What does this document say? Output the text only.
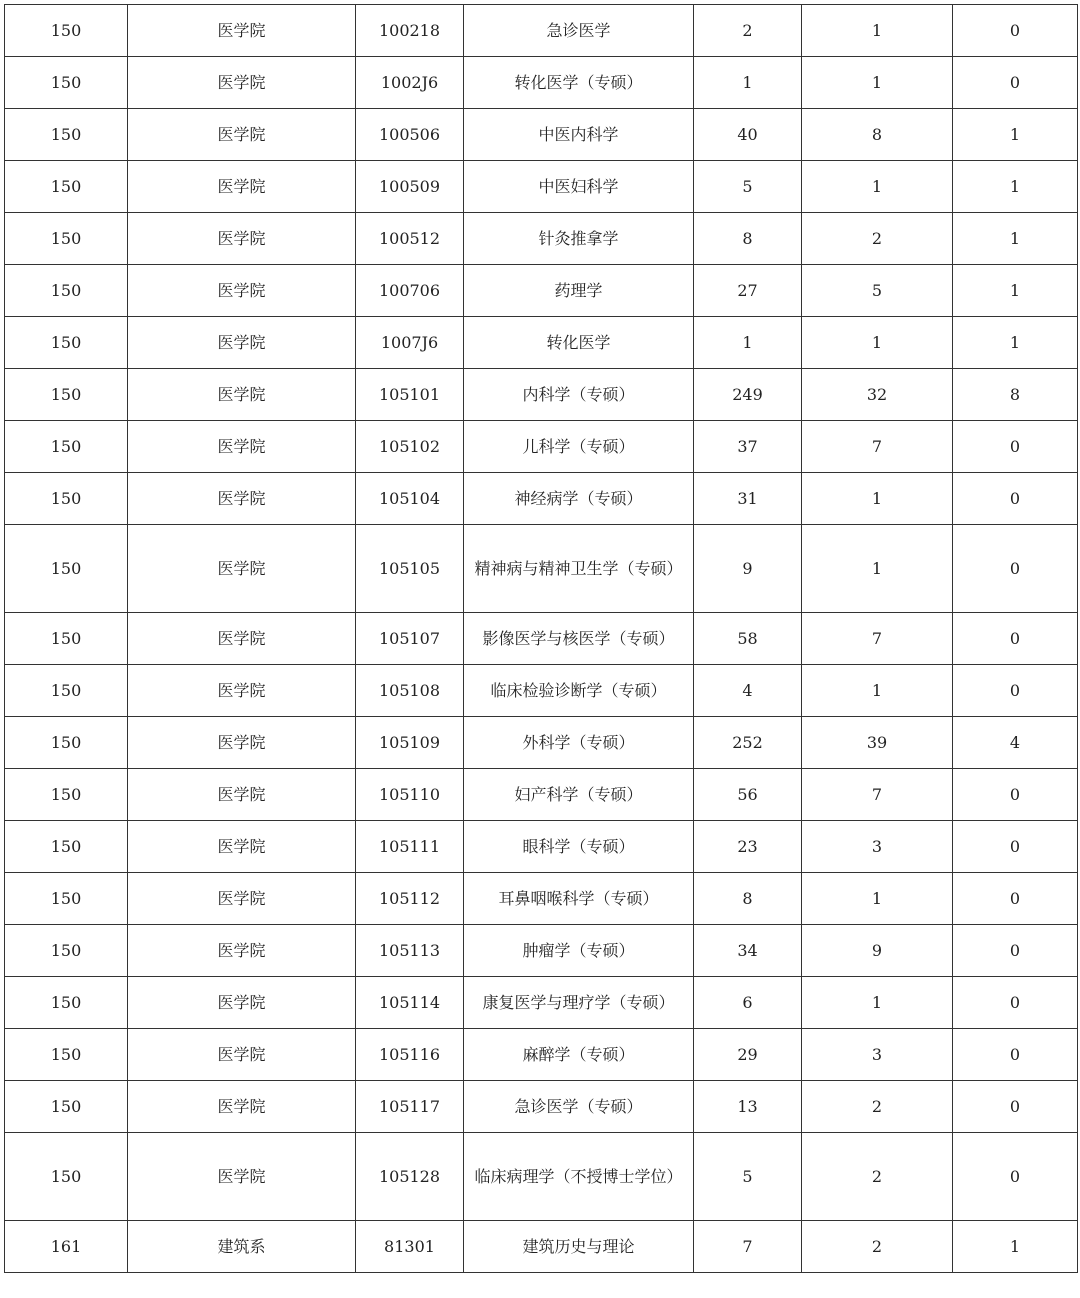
150	医学院	100218	急诊医学	2	1	0
150	医学院	1002J6	转化医学（专硕）	1	1	0
150	医学院	100506	中医内科学	40	8	1
150	医学院	100509	中医妇科学	5	1	1
150	医学院	100512	针灸推拿学	8	2	1
150	医学院	100706	药理学	27	5	1
150	医学院	1007J6	转化医学	1	1	1
150	医学院	105101	内科学（专硕）	249	32	8
150	医学院	105102	儿科学（专硕）	37	7	0
150	医学院	105104	神经病学（专硕）	31	1	0
150	医学院	105105	精神病与精神卫生学（专硕）	9	1	0
150	医学院	105107	影像医学与核医学（专硕）	58	7	0
150	医学院	105108	临床检验诊断学（专硕）	4	1	0
150	医学院	105109	外科学（专硕）	252	39	4
150	医学院	105110	妇产科学（专硕）	56	7	0
150	医学院	105111	眼科学（专硕）	23	3	0
150	医学院	105112	耳鼻咽喉科学（专硕）	8	1	0
150	医学院	105113	肿瘤学（专硕）	34	9	0
150	医学院	105114	康复医学与理疗学（专硕）	6	1	0
150	医学院	105116	麻醉学（专硕）	29	3	0
150	医学院	105117	急诊医学（专硕）	13	2	0
150	医学院	105128	临床病理学（不授博士学位）	5	2	0
161	建筑系	81301	建筑历史与理论	7	2	1
